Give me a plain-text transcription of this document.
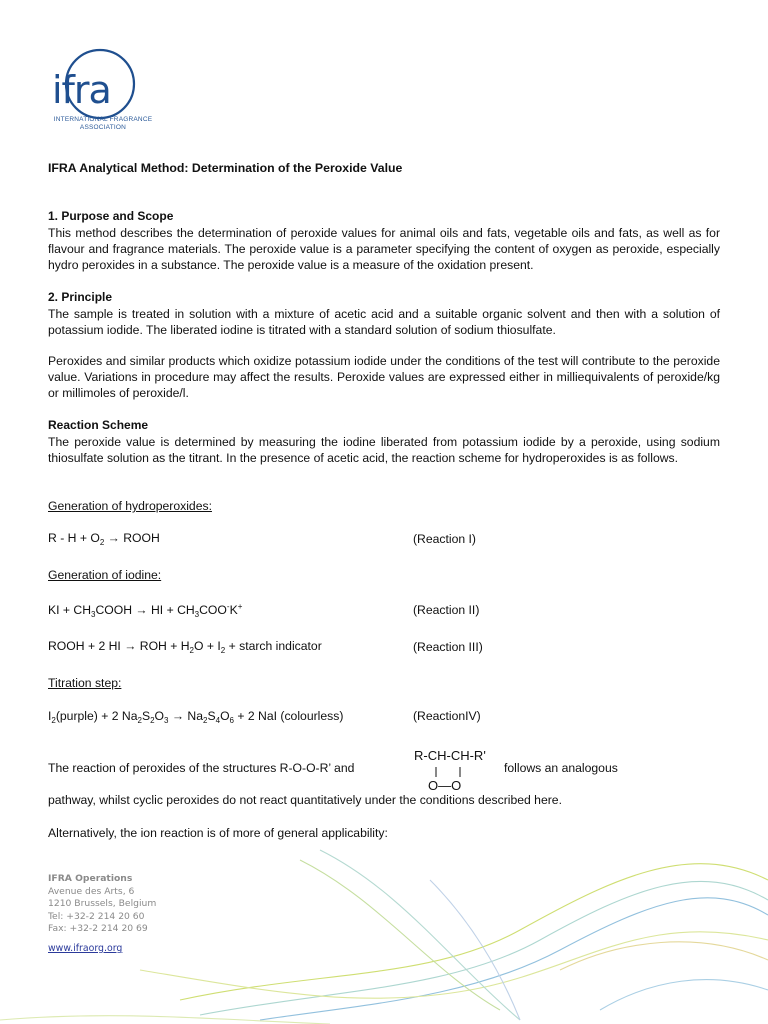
ifra
INTERNATIONAL FRAGRANCE
ASSOCIATION
IFRA Analytical Method: Determination of the Peroxide Value
1. Purpose and Scope
This method describes the determination of peroxide values for animal oils and fats, vegetable oils and fats, as well as for flavour and fragrance materials. The peroxide value is a parameter specifying the content of oxygen as peroxide, especially hydro peroxides in a substance. The peroxide value is a measure of the oxidation present.
2. Principle
The sample is treated in solution with a mixture of acetic acid and a suitable organic solvent and then with a solution of potassium iodide. The liberated iodine is titrated with a standard solution of sodium thiosulfate.
Peroxides and similar products which oxidize potassium iodide under the conditions of the test will contribute to the peroxide value. Variations in procedure may affect the results. Peroxide values are expressed either in milliequivalents of peroxide/kg or millimoles of peroxide/l.
Reaction Scheme
The peroxide value is determined by measuring the iodine liberated from potassium iodide by a peroxide, using sodium thiosulfate solution as the titrant. In the presence of acetic acid, the reaction scheme for hydroperoxides is as follows.
Generation of hydroperoxides:
$R - H + O_2$ → ROOH	(Reaction I)
Generation of iodine:
KI + $CH_3COOH$ → HI + $CH_3COO^-K^+$	(Reaction II)
ROOH + 2 HI → ROH + $H_2O + I_2$ + starch indicator	(Reaction III)
Titration step:
$I_2(purple) + 2$ $Na_2S_2O_3 \to Na_2S_4O_6 + 2$ NaI (colourless)	(ReactionIV)
The reaction of peroxides of the structures R-O-O-R’ and
R-CH-CH-R'
O—O
follows an analogous
pathway, whilst cyclic peroxides do not react quantitatively under the conditions described here.
Alternatively, the ion reaction is of more of general applicability:
IFRA Operations
Avenue des Arts, 6
1210 Brussels, Belgium
Tel: +32-2 214 20 60
Fax: +32-2 214 20 69
www.ifraorg.org
